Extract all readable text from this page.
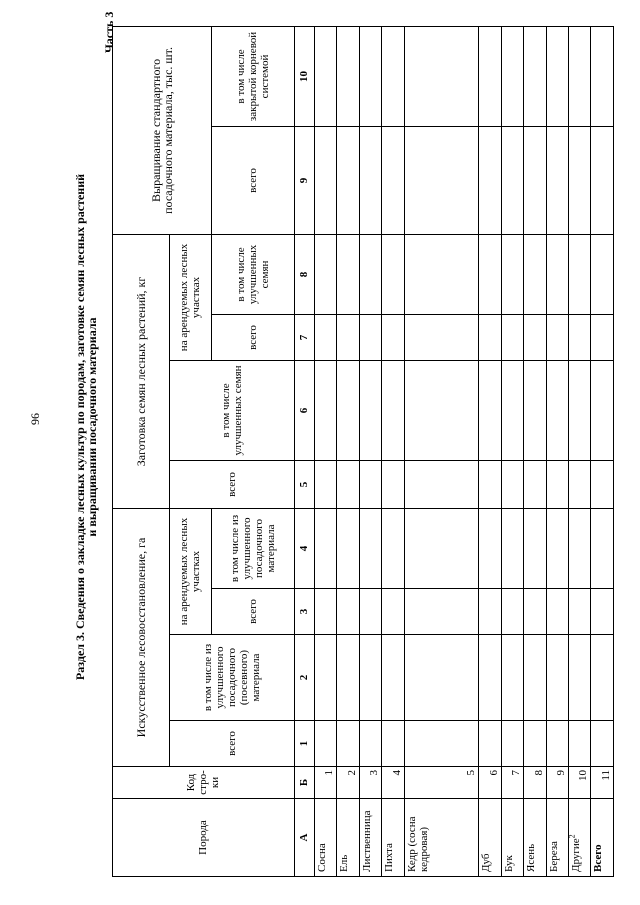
96
Часть 3
Раздел 3. Сведения о закладке лесных культур по породам, заготовке семян лесных растений
и выращивании посадочного материала
Порода	Код стро-ки	Искусственное лесовосстановление, га				Заготовка семян лесных растений, кг				Выращивание стандартного посадочного материала, тыс. шт.	
		всего	в том числе из улучшенного посадочного (посевного) материала	на арендуемых лесных участках		всего	в том числе улучшенных семян	на арендуемых лесных участках			
				всего	в том числе из улучшенного посадочного материала			всего	в том числе улучшенных семян	всего	в том числе закрытой корневой системой
А	Б	1	2	3	4	5	6	7	8	9	10
Сосна	1										
Ель	2										
Лиственница	3										
Пихта	4										
Кедр (сосна кедровая)	5										
Дуб	6										
Бук	7										
Ясень	8										
Береза	9										
Другие$^2$	10										
Всего	11										
